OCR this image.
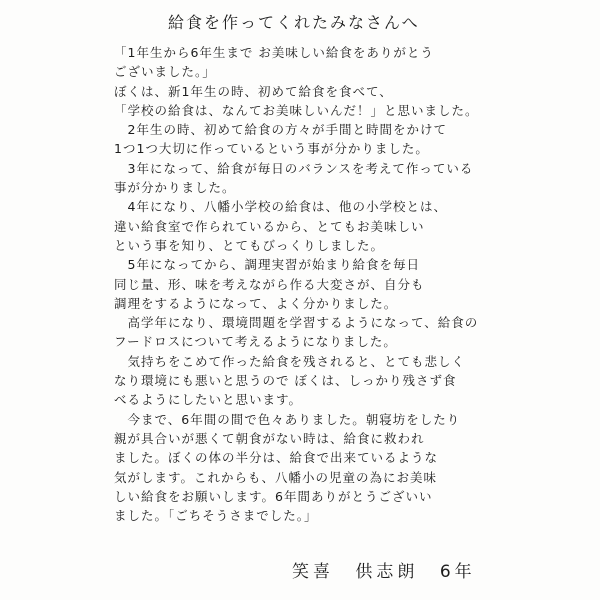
給食を作ってくれたみなさんへ
「1年生から6年生まで お美味しい給食をありがとう
ございました。」
ぼくは、新1年生の時、初めて給食を食べて、
「学校の給食は、なんてお美味しいんだ！」と思いました。
　2年生の時、初めて給食の方々が手間と時間をかけて
1つ1つ大切に作っているという事が分かりました。
　3年になって、給食が毎日のバランスを考えて作っている
事が分かりました。
　4年になり、八幡小学校の給食は、他の小学校とは、
違い給食室で作られているから、とてもお美味しい
という事を知り、とてもびっくりしました。
　5年になってから、調理実習が始まり給食を毎日
同じ量、形、味を考えながら作る大変さが、自分も
調理をするようになって、よく分かりました。
　高学年になり、環境問題を学習するようになって、給食の
フードロスについて考えるようになりました。
　気持ちをこめて作った給食を残されると、とても悲しく
なり環境にも悪いと思うので ぼくは、しっかり残さず食
べるようにしたいと思います。
　今まで、6年間の間で色々ありました。朝寝坊をしたり
親が具合いが悪くて朝食がない時は、給食に救われ
ました。ぼくの体の半分は、給食で出来ているような
気がします。これからも、八幡小の児童の為にお美味
しい給食をお願いします。6年間ありがとうございい
ました。「ごちそうさまでした。」
笑喜 供志朗 6年
